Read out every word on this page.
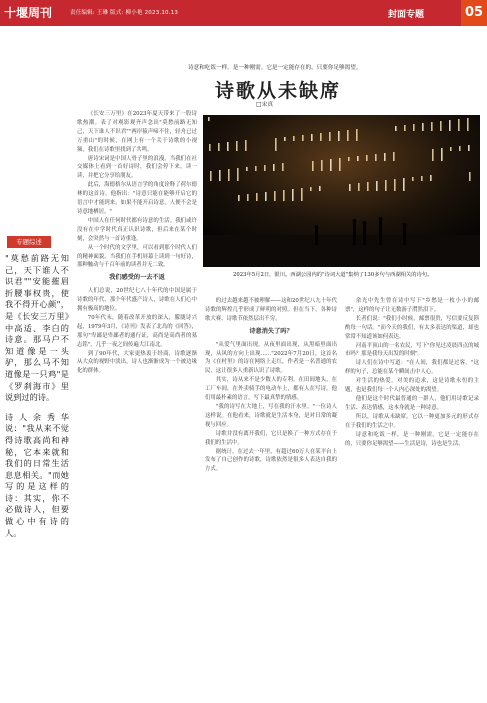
十堰周刊	责任编辑: 王琳 版式: 柳小艳 2023.10.13	封面专题	05
诗意和吃饭一样，是一种刚需。它是一定能存在的，只要你足够渴望。
诗歌从未缺席
□宋真
专题综述

"莫愁前路无知己，天下谁人不识君""安能摧眉折腰事权贵，使我不得开心颜"，是《长安三万里》中高适、李白的诗意。那马户不知道像是一头驴，那么马不知道像是一只鸡"是《罗刹海市》里说到过的诗。

诗人余秀华说："我从来不觉得诗歌高尚和神秘，它本来就和我们的日常生活息息相关。"而她写的是这样的诗：其实，你不必做诗人，但要做心中有诗的人。

《长安三万里》在2023年夏天带来了一股诗歌热潮。表了对观影观齐声念出"莫愁前路无知己，天下谁人不识君""两岸猿声啼不住，轻舟已过万重山"的时候，在网上有一个关于诗歌的小视频，我们在诗歌里找到了共鸣。

唐诗宋词是中国人骨子里的浪漫，当我们在社交媒体上看到一首好诗时，我们会停下来，读一读，并把它分享给朋友。

此后，海德格尔从语言学的角度诠释了荷尔德林的这首诗。他指出："诗意只能在能够开启它的语言中才能到来，如果不能开启诗意，人便不会是诗意地栖居。"

中国人在任何时代都有诗意的生活。我们或许没有在中学时代真正认识诗歌，但后来在某个时刻，会突然与一首诗重逢。

从一个时代的文学里，可以看到那个时代人们的精神面貌。当我们在手机屏幕上读到一句好诗，那种触动与千百年前的读者并无二致。

我们感受的一去不返

人们总说，20世纪七八十年代的中国是属于诗歌的年代，那个年代盛产诗人，诗歌在人们心中拥有极高的地位。

70年代末，随着改革开放的深入，朦胧诗兴起，1979年3月，《诗刊》发表了北岛的《回答》，那句"卑鄙是卑鄙者的通行证，高尚是高尚者的墓志铭"，几乎一夜之间传遍大江南北。

到了90年代，大家更热衷于经商，诗歌逐渐从大众的视野中淡出，诗人也渐渐成为一个被边缘化的群体。

2023年5月2日，银川。西湖公园内的"诗词大道"集纳了130多句与西湖相关的诗句。

的过去越来越不被理解——这和20世纪八九十年代诗歌的辉煌几乎形成了鲜明的对照。但在当下，各种诗歌大赛、诗歌节依然层出不穷。

诗意消失了吗？

"从爱气里面出现，从夜里面出现，从黑暗里面出现，从风的方向上出现……"2022年7月20日，这首名为《在村里》的诗在网络上走红，作者是一名普通的农民，这让很多人重新认识了诗歌。

其实，诗从来不是少数人的专利。在田间地头，在工厂车间，在外卖骑手的电动车上，都有人在写诗。他们用最朴素的语言，写下最真挚的情感。

"我的诗写在大地上，写在我的汗水里。"一位诗人这样说。在他看来，诗歌就是生活本身，是对日常的凝视与回应。

诗歌并没有离开我们，它只是换了一种方式存在于我们的生活中。

据统计，在过去一年里，有超过60万人在某平台上发布了自己创作的诗歌，诗歌依然是很多人表达自我的方式。

余光中先生曾在诗中写下"乡愁是一枚小小的邮票"，这样的句子让无数游子潸然泪下。

长者们说："我们小时候，邮票很贵，写信要反复斟酌每一句话。"而今天的我们，有太多表达的渠道，却也常常不知道该如何表达。

河南平顶山的一名农民，写下"你见过凌晨四点的城市吗？那是我每天出发的时刻"。

诗人们在诗中写道："在人间，我们都是过客。"这样的句子，总能在某个瞬间击中人心。

对生活的热爱，对美的追求，这是诗歌永恒的主题，也是我们每一个人内心深处的渴望。

他们是这个时代最普通的一群人，他们用诗歌记录生活、表达情感，这本身就是一种诗意。

所以，诗歌从未缺席。它以一种更加多元的形式存在于我们的生活之中。

诗意和吃饭一样，是一种刚需。它是一定能存在的，只要你足够渴望——生活是诗，诗也是生活。
